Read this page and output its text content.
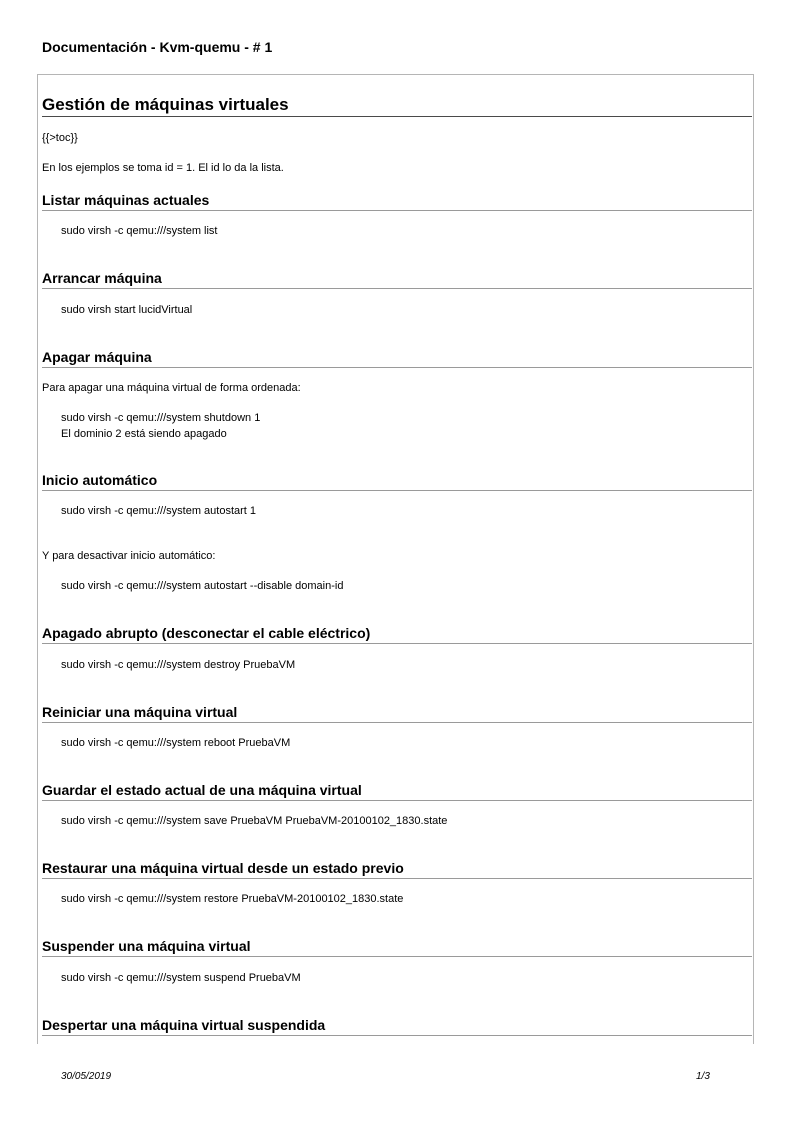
Documentación - Kvm-quemu - # 1
Gestión de máquinas virtuales
{{>toc}}
En los ejemplos se toma id = 1. El id lo da la lista.
Listar máquinas actuales
sudo virsh -c qemu:///system list
Arrancar máquina
sudo virsh start lucidVirtual
Apagar máquina
Para apagar una máquina virtual de forma ordenada:
sudo virsh -c qemu:///system shutdown 1
El dominio 2 está siendo apagado
Inicio automático
sudo virsh -c qemu:///system autostart 1
Y para desactivar inicio automático:
sudo virsh -c qemu:///system autostart --disable domain-id
Apagado abrupto (desconectar el cable eléctrico)
sudo virsh -c qemu:///system destroy PruebaVM
Reiniciar una máquina virtual
sudo virsh -c qemu:///system reboot PruebaVM
Guardar el estado actual de una máquina virtual
sudo virsh -c qemu:///system save PruebaVM PruebaVM-20100102_1830.state
Restaurar una máquina virtual desde un estado previo
sudo virsh -c qemu:///system restore PruebaVM-20100102_1830.state
Suspender una máquina virtual
sudo virsh -c qemu:///system suspend PruebaVM
Despertar una máquina virtual suspendida
30/05/2019	1/3
